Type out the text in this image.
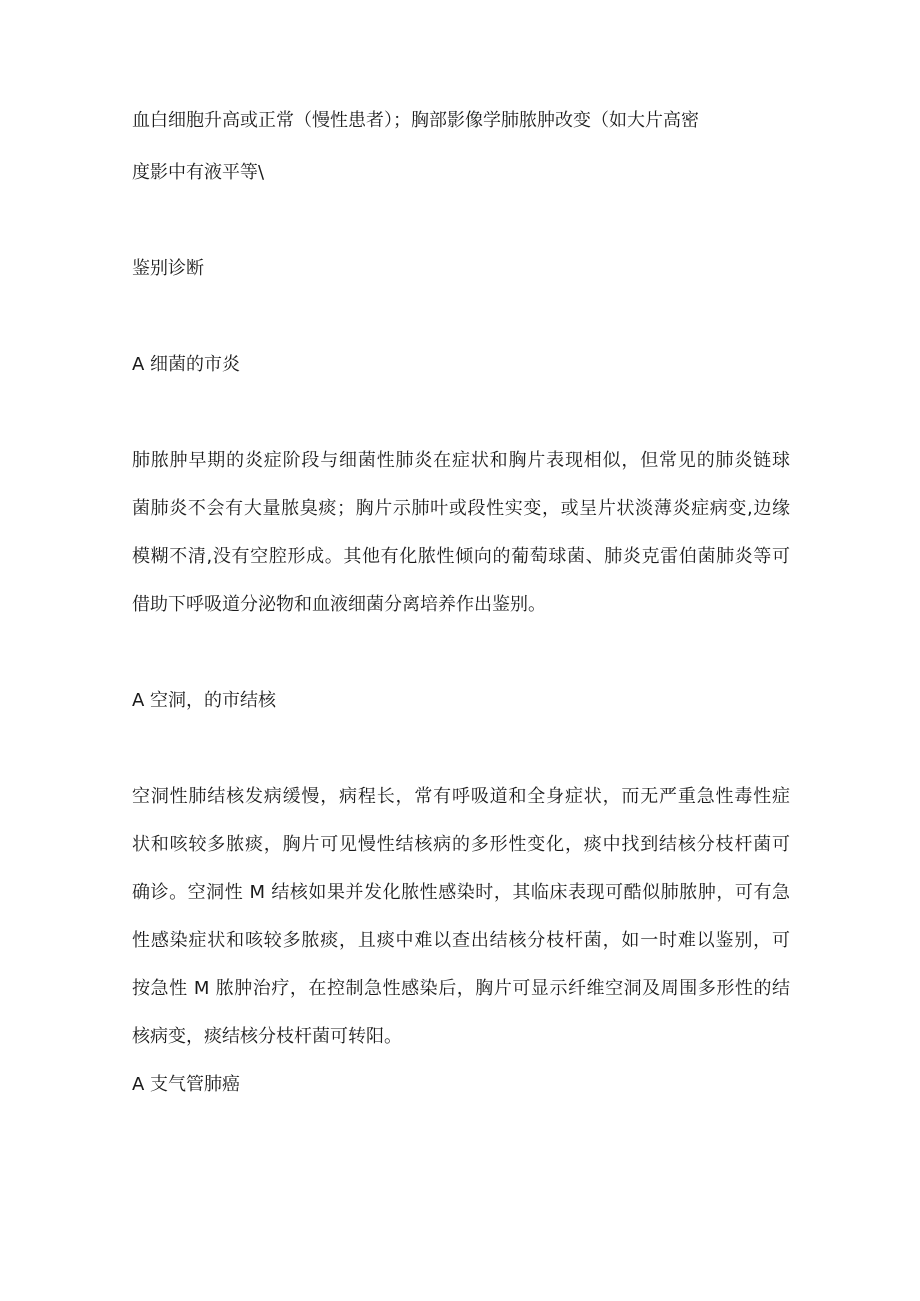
血白细胞升高或正常（慢性患者）；胸部影像学肺脓肿改变（如大片高密
度影中有液平等\
鉴别诊断
A 细菌的市炎
肺脓肿早期的炎症阶段与细菌性肺炎在症状和胸片表现相似，但常见的肺炎链球
菌肺炎不会有大量脓臭痰；胸片示肺叶或段性实变，或呈片状淡薄炎症病变,边缘
模糊不清,没有空腔形成。其他有化脓性倾向的葡萄球菌、肺炎克雷伯菌肺炎等可
借助下呼吸道分泌物和血液细菌分离培养作出鉴别。
A 空洞，的市结核
空洞性肺结核发病缓慢，病程长，常有呼吸道和全身症状，而无严重急性毒性症
状和咳较多脓痰，胸片可见慢性结核病的多形性变化，痰中找到结核分枝杆菌可
确诊。空洞性 M 结核如果并发化脓性感染时，其临床表现可酷似肺脓肿，可有急
性感染症状和咳较多脓痰，且痰中难以查出结核分枝杆菌，如一时难以鉴别，可
按急性 M 脓肿治疗，在控制急性感染后，胸片可显示纤维空洞及周围多形性的结
核病变，痰结核分枝杆菌可转阳。
A 支气管肺癌
